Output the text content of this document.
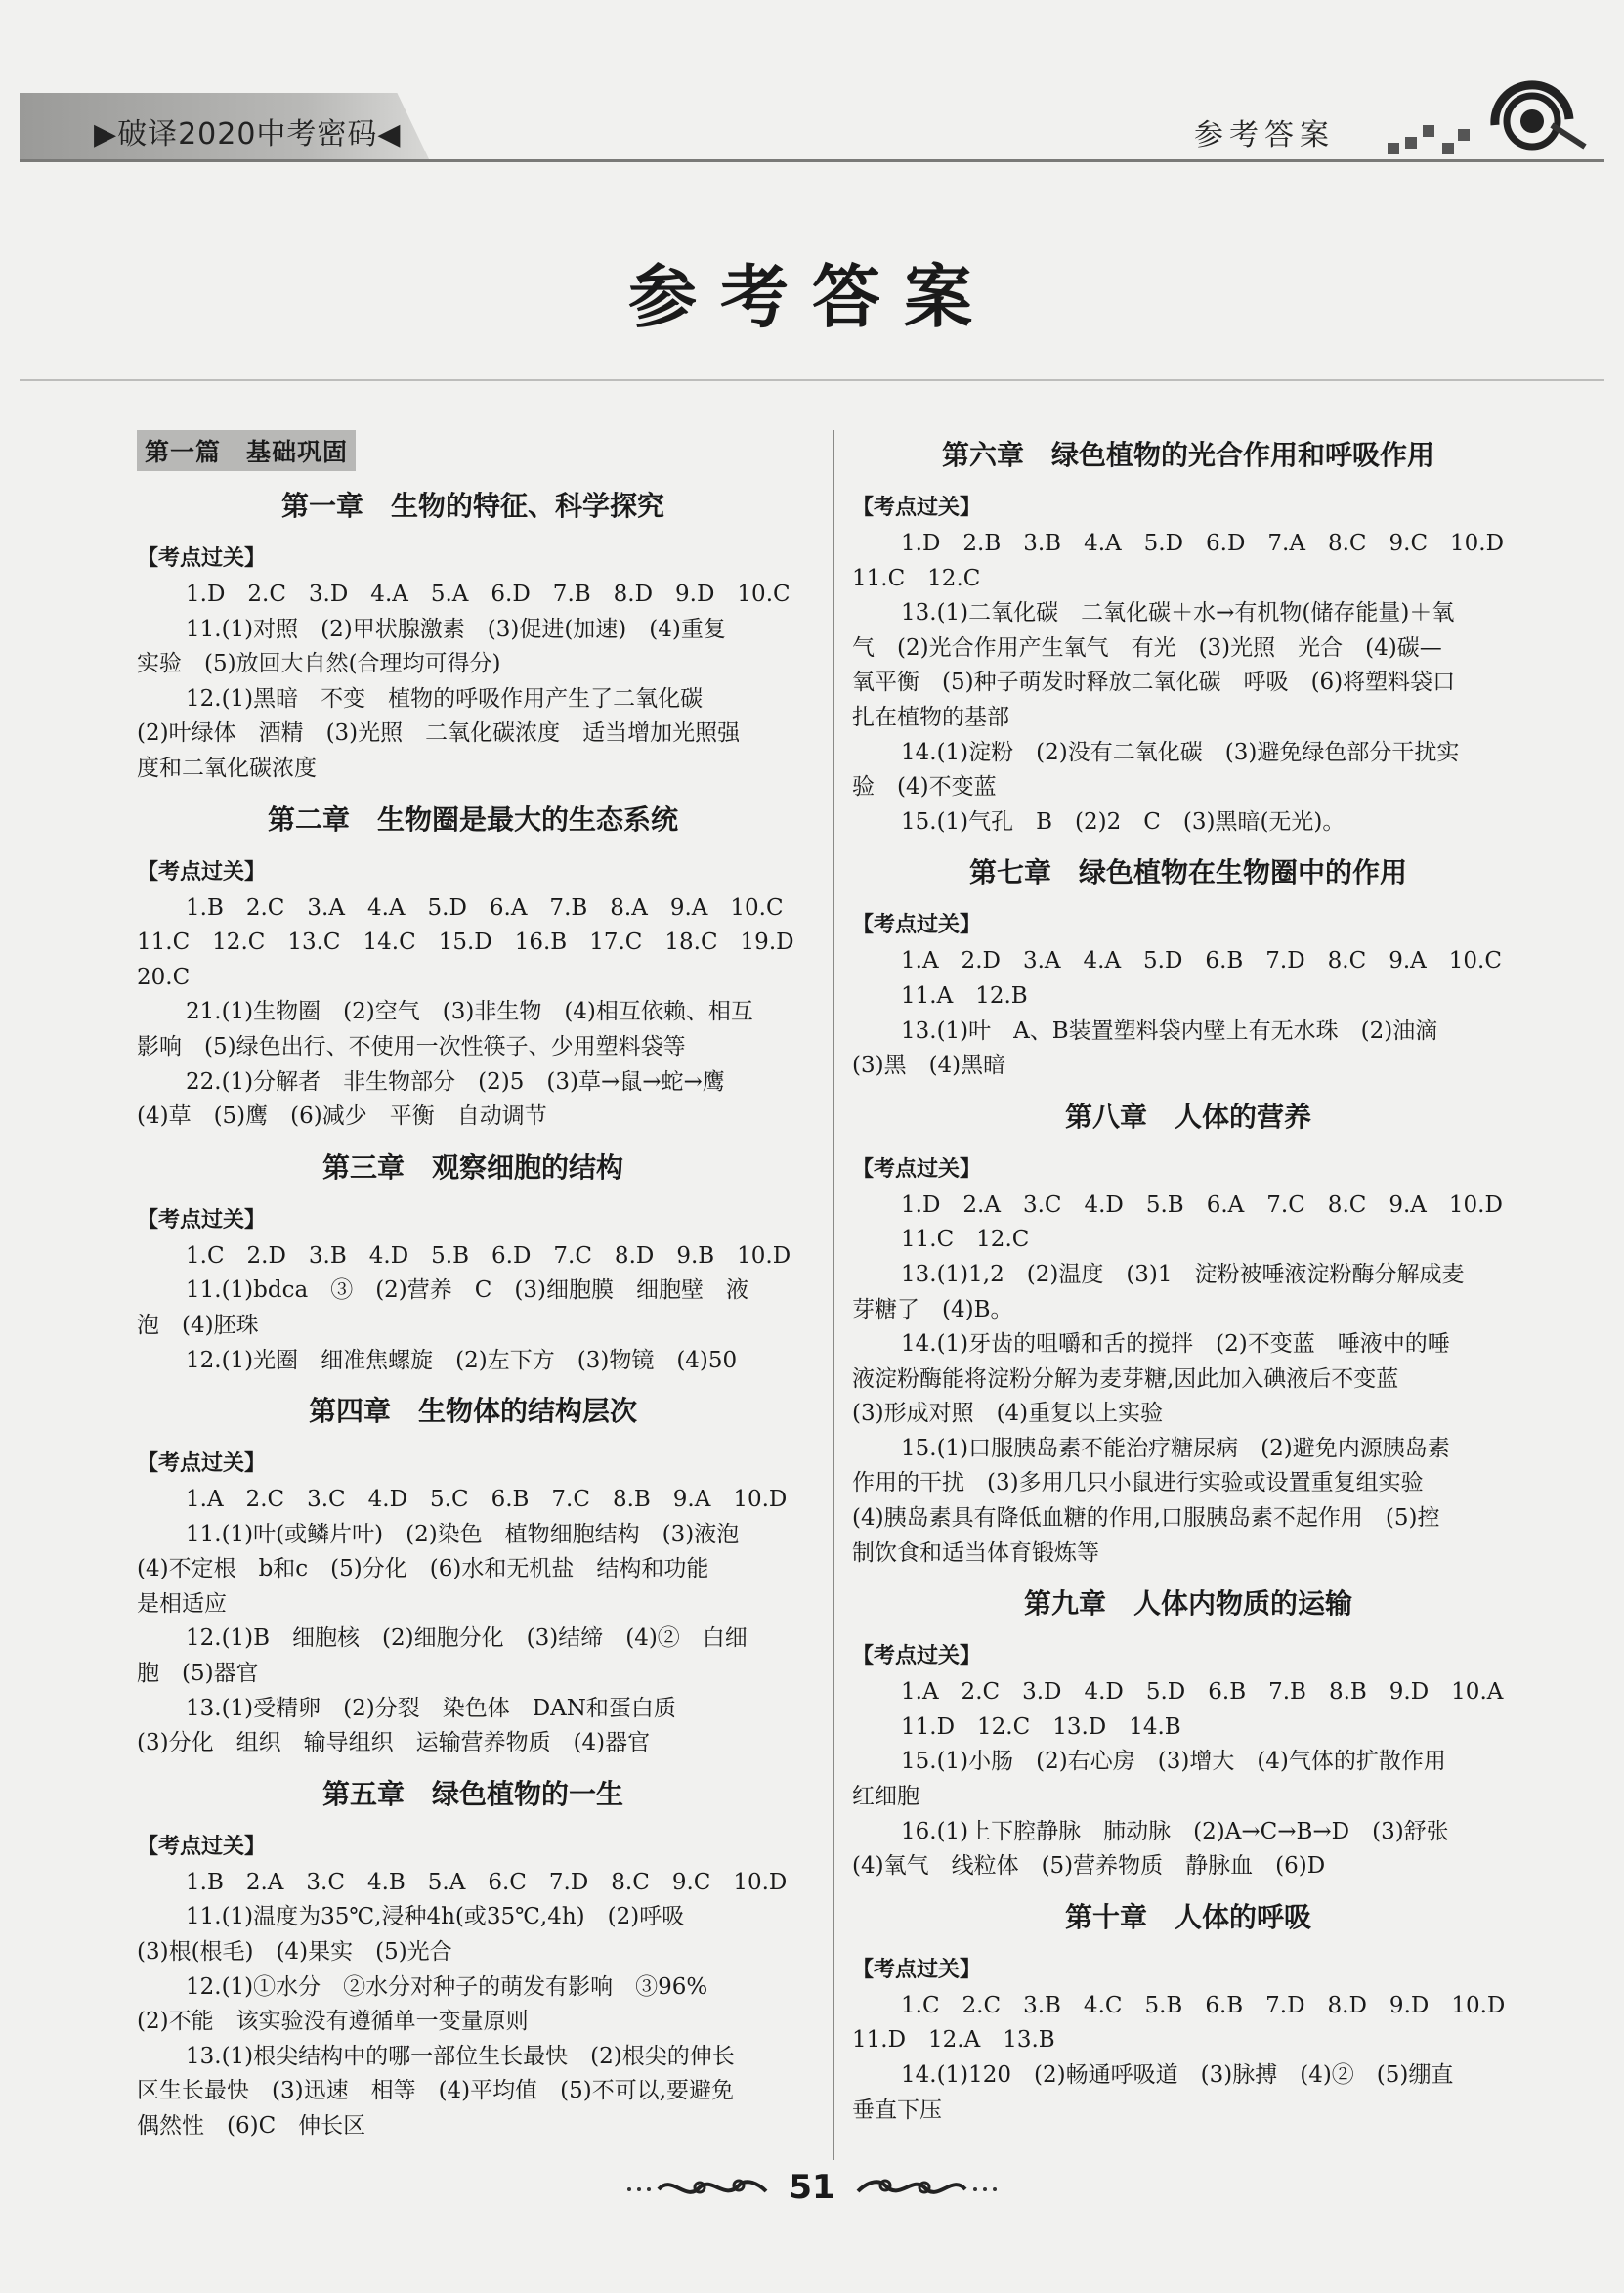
▶破译2020中考密码◀	参考答案
参考答案
第一篇　基础巩固
第一章　生物的特征、科学探究
【考点过关】
1.D　2.C　3.D　4.A　5.A　6.D　7.B　8.D　9.D　10.C
11.(1)对照　(2)甲状腺激素　(3)促进(加速)　(4)重复
实验　(5)放回大自然(合理均可得分)
12.(1)黑暗　不变　植物的呼吸作用产生了二氧化碳
(2)叶绿体　酒精　(3)光照　二氧化碳浓度　适当增加光照强
度和二氧化碳浓度
第二章　生物圈是最大的生态系统
【考点过关】
1.B　2.C　3.A　4.A　5.D　6.A　7.B　8.A　9.A　10.C
11.C　12.C　13.C　14.C　15.D　16.B　17.C　18.C　19.D
20.C
21.(1)生物圈　(2)空气　(3)非生物　(4)相互依赖、相互
影响　(5)绿色出行、不使用一次性筷子、少用塑料袋等
22.(1)分解者　非生物部分　(2)5　(3)草→鼠→蛇→鹰
(4)草　(5)鹰　(6)减少　平衡　自动调节
第三章　观察细胞的结构
【考点过关】
1.C　2.D　3.B　4.D　5.B　6.D　7.C　8.D　9.B　10.D
11.(1)bdca　③　(2)营养　C　(3)细胞膜　细胞壁　液
泡　(4)胚珠
12.(1)光圈　细准焦螺旋　(2)左下方　(3)物镜　(4)50
第四章　生物体的结构层次
【考点过关】
1.A　2.C　3.C　4.D　5.C　6.B　7.C　8.B　9.A　10.D
11.(1)叶(或鳞片叶)　(2)染色　植物细胞结构　(3)液泡
(4)不定根　b和c　(5)分化　(6)水和无机盐　结构和功能
是相适应
12.(1)B　细胞核　(2)细胞分化　(3)结缔　(4)②　白细
胞　(5)器官
13.(1)受精卵　(2)分裂　染色体　DAN和蛋白质
(3)分化　组织　输导组织　运输营养物质　(4)器官
第五章　绿色植物的一生
【考点过关】
1.B　2.A　3.C　4.B　5.A　6.C　7.D　8.C　9.C　10.D
11.(1)温度为35℃,浸种4h(或35℃,4h)　(2)呼吸
(3)根(根毛)　(4)果实　(5)光合
12.(1)①水分　②水分对种子的萌发有影响　③96%
(2)不能　该实验没有遵循单一变量原则
13.(1)根尖结构中的哪一部位生长最快　(2)根尖的伸长
区生长最快　(3)迅速　相等　(4)平均值　(5)不可以,要避免
偶然性　(6)C　伸长区
第六章　绿色植物的光合作用和呼吸作用
【考点过关】
1.D　2.B　3.B　4.A　5.D　6.D　7.A　8.C　9.C　10.D
11.C　12.C
13.(1)二氧化碳　二氧化碳＋水→有机物(储存能量)＋氧
气　(2)光合作用产生氧气　有光　(3)光照　光合　(4)碳—
氧平衡　(5)种子萌发时释放二氧化碳　呼吸　(6)将塑料袋口
扎在植物的基部
14.(1)淀粉　(2)没有二氧化碳　(3)避免绿色部分干扰实
验　(4)不变蓝
15.(1)气孔　B　(2)2　C　(3)黑暗(无光)。
第七章　绿色植物在生物圈中的作用
【考点过关】
1.A　2.D　3.A　4.A　5.D　6.B　7.D　8.C　9.A　10.C
11.A　12.B
13.(1)叶　A、B装置塑料袋内壁上有无水珠　(2)油滴
(3)黑　(4)黑暗
第八章　人体的营养
【考点过关】
1.D　2.A　3.C　4.D　5.B　6.A　7.C　8.C　9.A　10.D
11.C　12.C
13.(1)1,2　(2)温度　(3)1　淀粉被唾液淀粉酶分解成麦
芽糖了　(4)B。
14.(1)牙齿的咀嚼和舌的搅拌　(2)不变蓝　唾液中的唾
液淀粉酶能将淀粉分解为麦芽糖,因此加入碘液后不变蓝
(3)形成对照　(4)重复以上实验
15.(1)口服胰岛素不能治疗糖尿病　(2)避免内源胰岛素
作用的干扰　(3)多用几只小鼠进行实验或设置重复组实验
(4)胰岛素具有降低血糖的作用,口服胰岛素不起作用　(5)控
制饮食和适当体育锻炼等
第九章　人体内物质的运输
【考点过关】
1.A　2.C　3.D　4.D　5.D　6.B　7.B　8.B　9.D　10.A
11.D　12.C　13.D　14.B
15.(1)小肠　(2)右心房　(3)增大　(4)气体的扩散作用
红细胞
16.(1)上下腔静脉　肺动脉　(2)A→C→B→D　(3)舒张
(4)氧气　线粒体　(5)营养物质　静脉血　(6)D
第十章　人体的呼吸
【考点过关】
1.C　2.C　3.B　4.C　5.B　6.B　7.D　8.D　9.D　10.D
11.D　12.A　13.B
14.(1)120　(2)畅通呼吸道　(3)脉搏　(4)②　(5)绷直
垂直下压
51
